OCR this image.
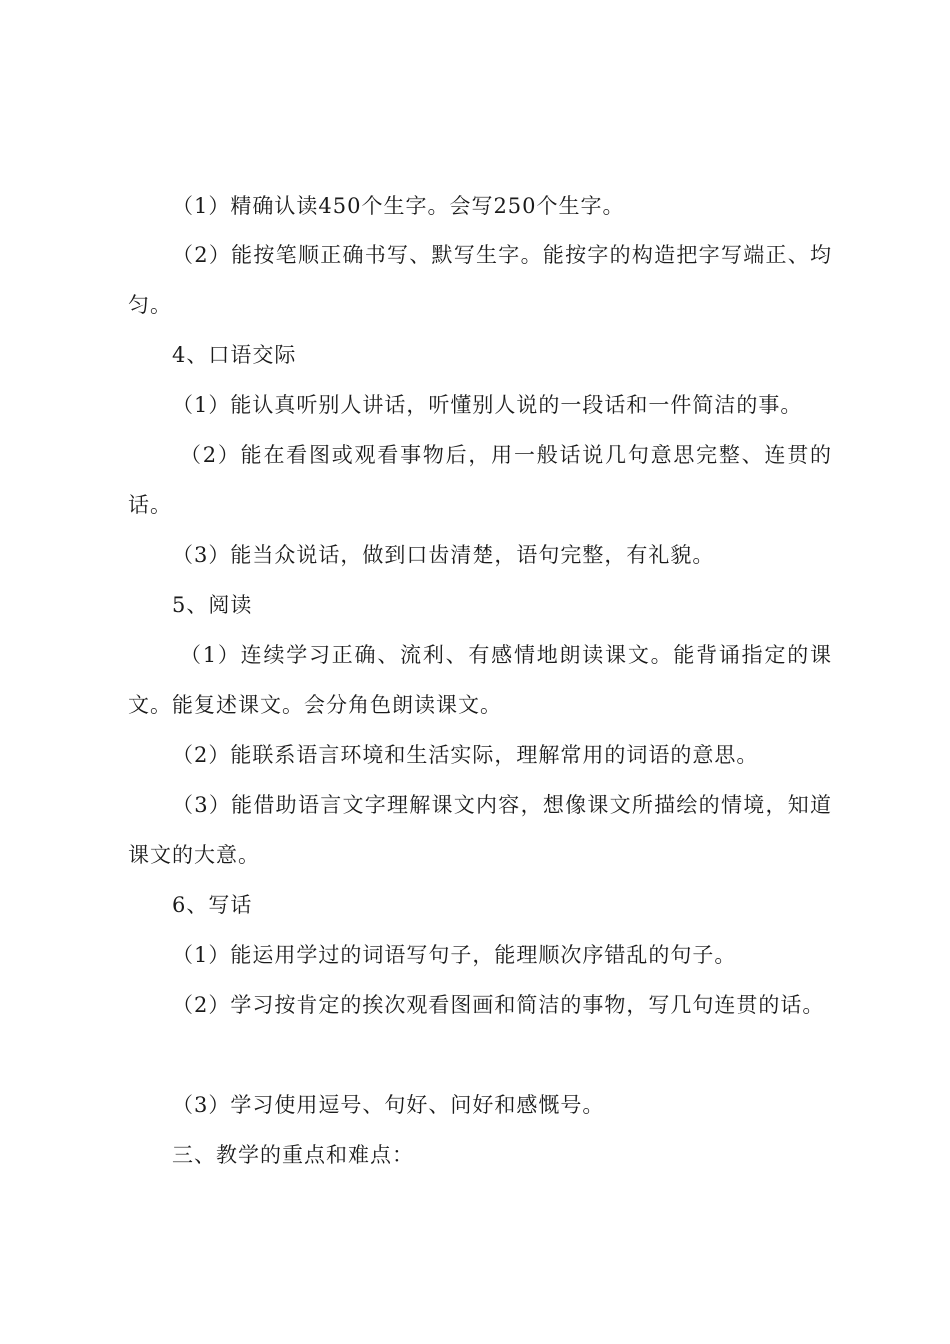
（1）精确认读450个生字。会写250个生字。
（2）能按笔顺正确书写、默写生字。能按字的构造把字写端正、均
匀。
4、口语交际
（1）能认真听别人讲话，听懂别人说的一段话和一件简洁的事。
（2）能在看图或观看事物后，用一般话说几句意思完整、连贯的
话。
（3）能当众说话，做到口齿清楚，语句完整，有礼貌。
5、阅读
（1）连续学习正确、流利、有感情地朗读课文。能背诵指定的课
文。能复述课文。会分角色朗读课文。
（2）能联系语言环境和生活实际，理解常用的词语的意思。
（3）能借助语言文字理解课文内容，想像课文所描绘的情境，知道
课文的大意。
6、写话
（1）能运用学过的词语写句子，能理顺次序错乱的句子。
（2）学习按肯定的挨次观看图画和简洁的事物，写几句连贯的话。
（3）学习使用逗号、句好、问好和感慨号。
三、教学的重点和难点：
